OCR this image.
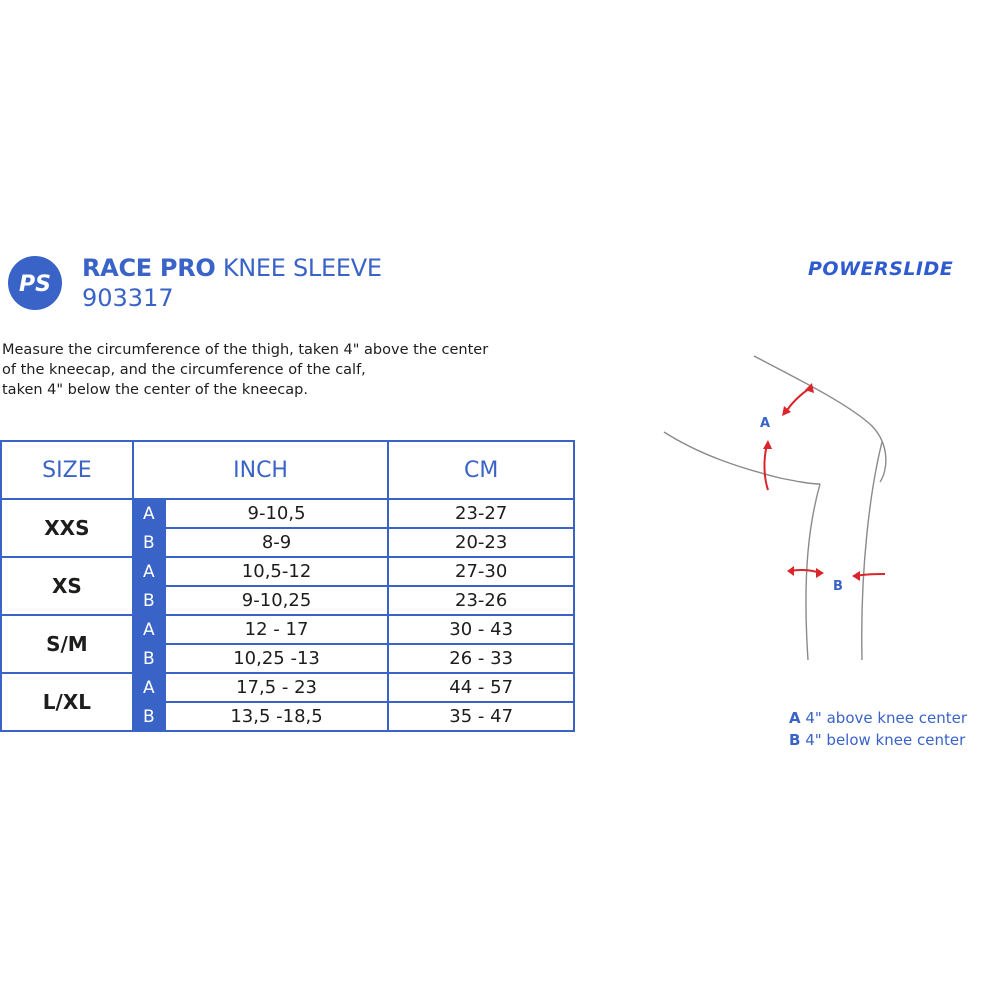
PS
RACE PRO KNEE SLEEVE
903317
POWERSLIDE
Measure the circumference of the thigh, taken 4" above the center
of the kneecap, and the circumference of the calf,
taken 4" below the center of the kneecap.
SIZE	INCH		CM
XXS	A	9-10,5	23-27
	B	8-9	20-23
XS	A	10,5-12	27-30
	B	9-10,25	23-26
S/M	A	12 - 17	30 - 43
	B	10,25 -13	26 - 33
L/XL	A	17,5 - 23	44 - 57
	B	13,5 -18,5	35 - 47
A
B
A 4" above knee center
B 4" below knee center
